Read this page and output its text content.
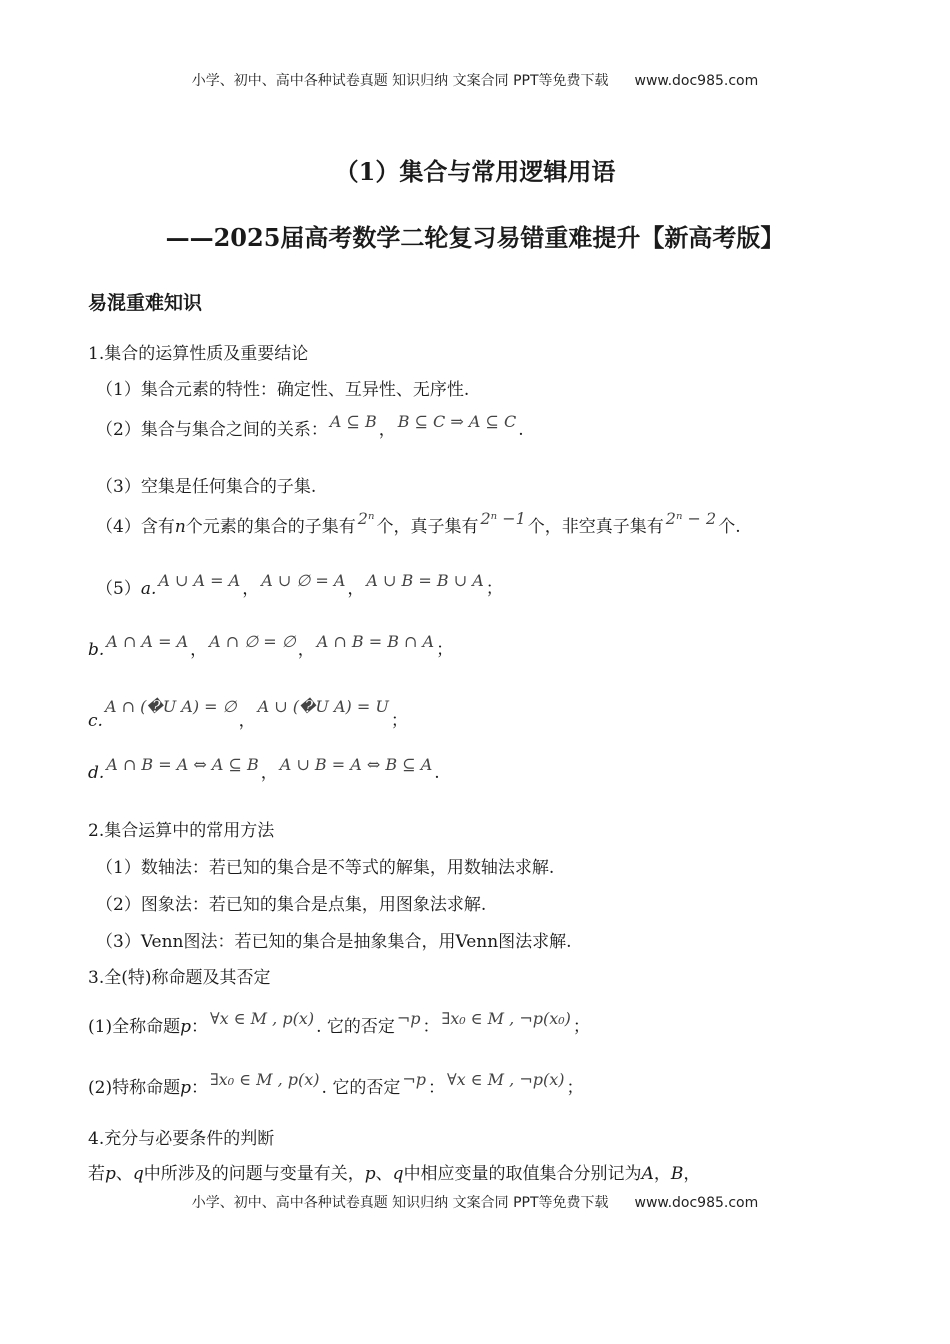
小学、初中、高中各种试卷真题 知识归纳 文案合同 PPT等免费下载 www.doc985.com
（1）集合与常用逻辑用语
——2025届高考数学二轮复习易错重难提升【新高考版】
易混重难知识
1.集合的运算性质及重要结论
（1）集合元素的特性：确定性、互异性、无序性.
（2）集合与集合之间的关系： A ⊆ B ， B ⊆ C ⇒ A ⊆ C .
（3）空集是任何集合的子集.
（4）含有n个元素的集合的子集有 2ⁿ 个，真子集有 2ⁿ −1 个，非空真子集有 2ⁿ − 2 个.
（5）a. A ∪ A = A ， A ∪ ∅ = A ， A ∪ B = B ∪ A ；
b. A ∩ A = A ， A ∩ ∅ = ∅ ， A ∩ B = B ∩ A ；
c.A ∩ (�U A) = ∅，A ∪ (�U A) = U；
d. A ∩ B = A ⇔ A ⊆ B ， A ∪ B = A ⇔ B ⊆ A .
2.集合运算中的常用方法
（1）数轴法：若已知的集合是不等式的解集，用数轴法求解.
（2）图象法：若已知的集合是点集，用图象法求解.
（3）Venn图法：若已知的集合是抽象集合，用Venn图法求解.
3.全(特)称命题及其否定
(1)全称命题p： ∀x ∈ M , p(x) . 它的否定 ¬p ： ∃x₀ ∈ M , ¬p(x₀) ；
(2)特称命题p： ∃x₀ ∈ M , p(x) . 它的否定 ¬p ： ∀x ∈ M , ¬p(x) ；
4.充分与必要条件的判断
若p、q中所涉及的问题与变量有关，p、q中相应变量的取值集合分别记为A，B，
小学、初中、高中各种试卷真题 知识归纳 文案合同 PPT等免费下载 www.doc985.com
